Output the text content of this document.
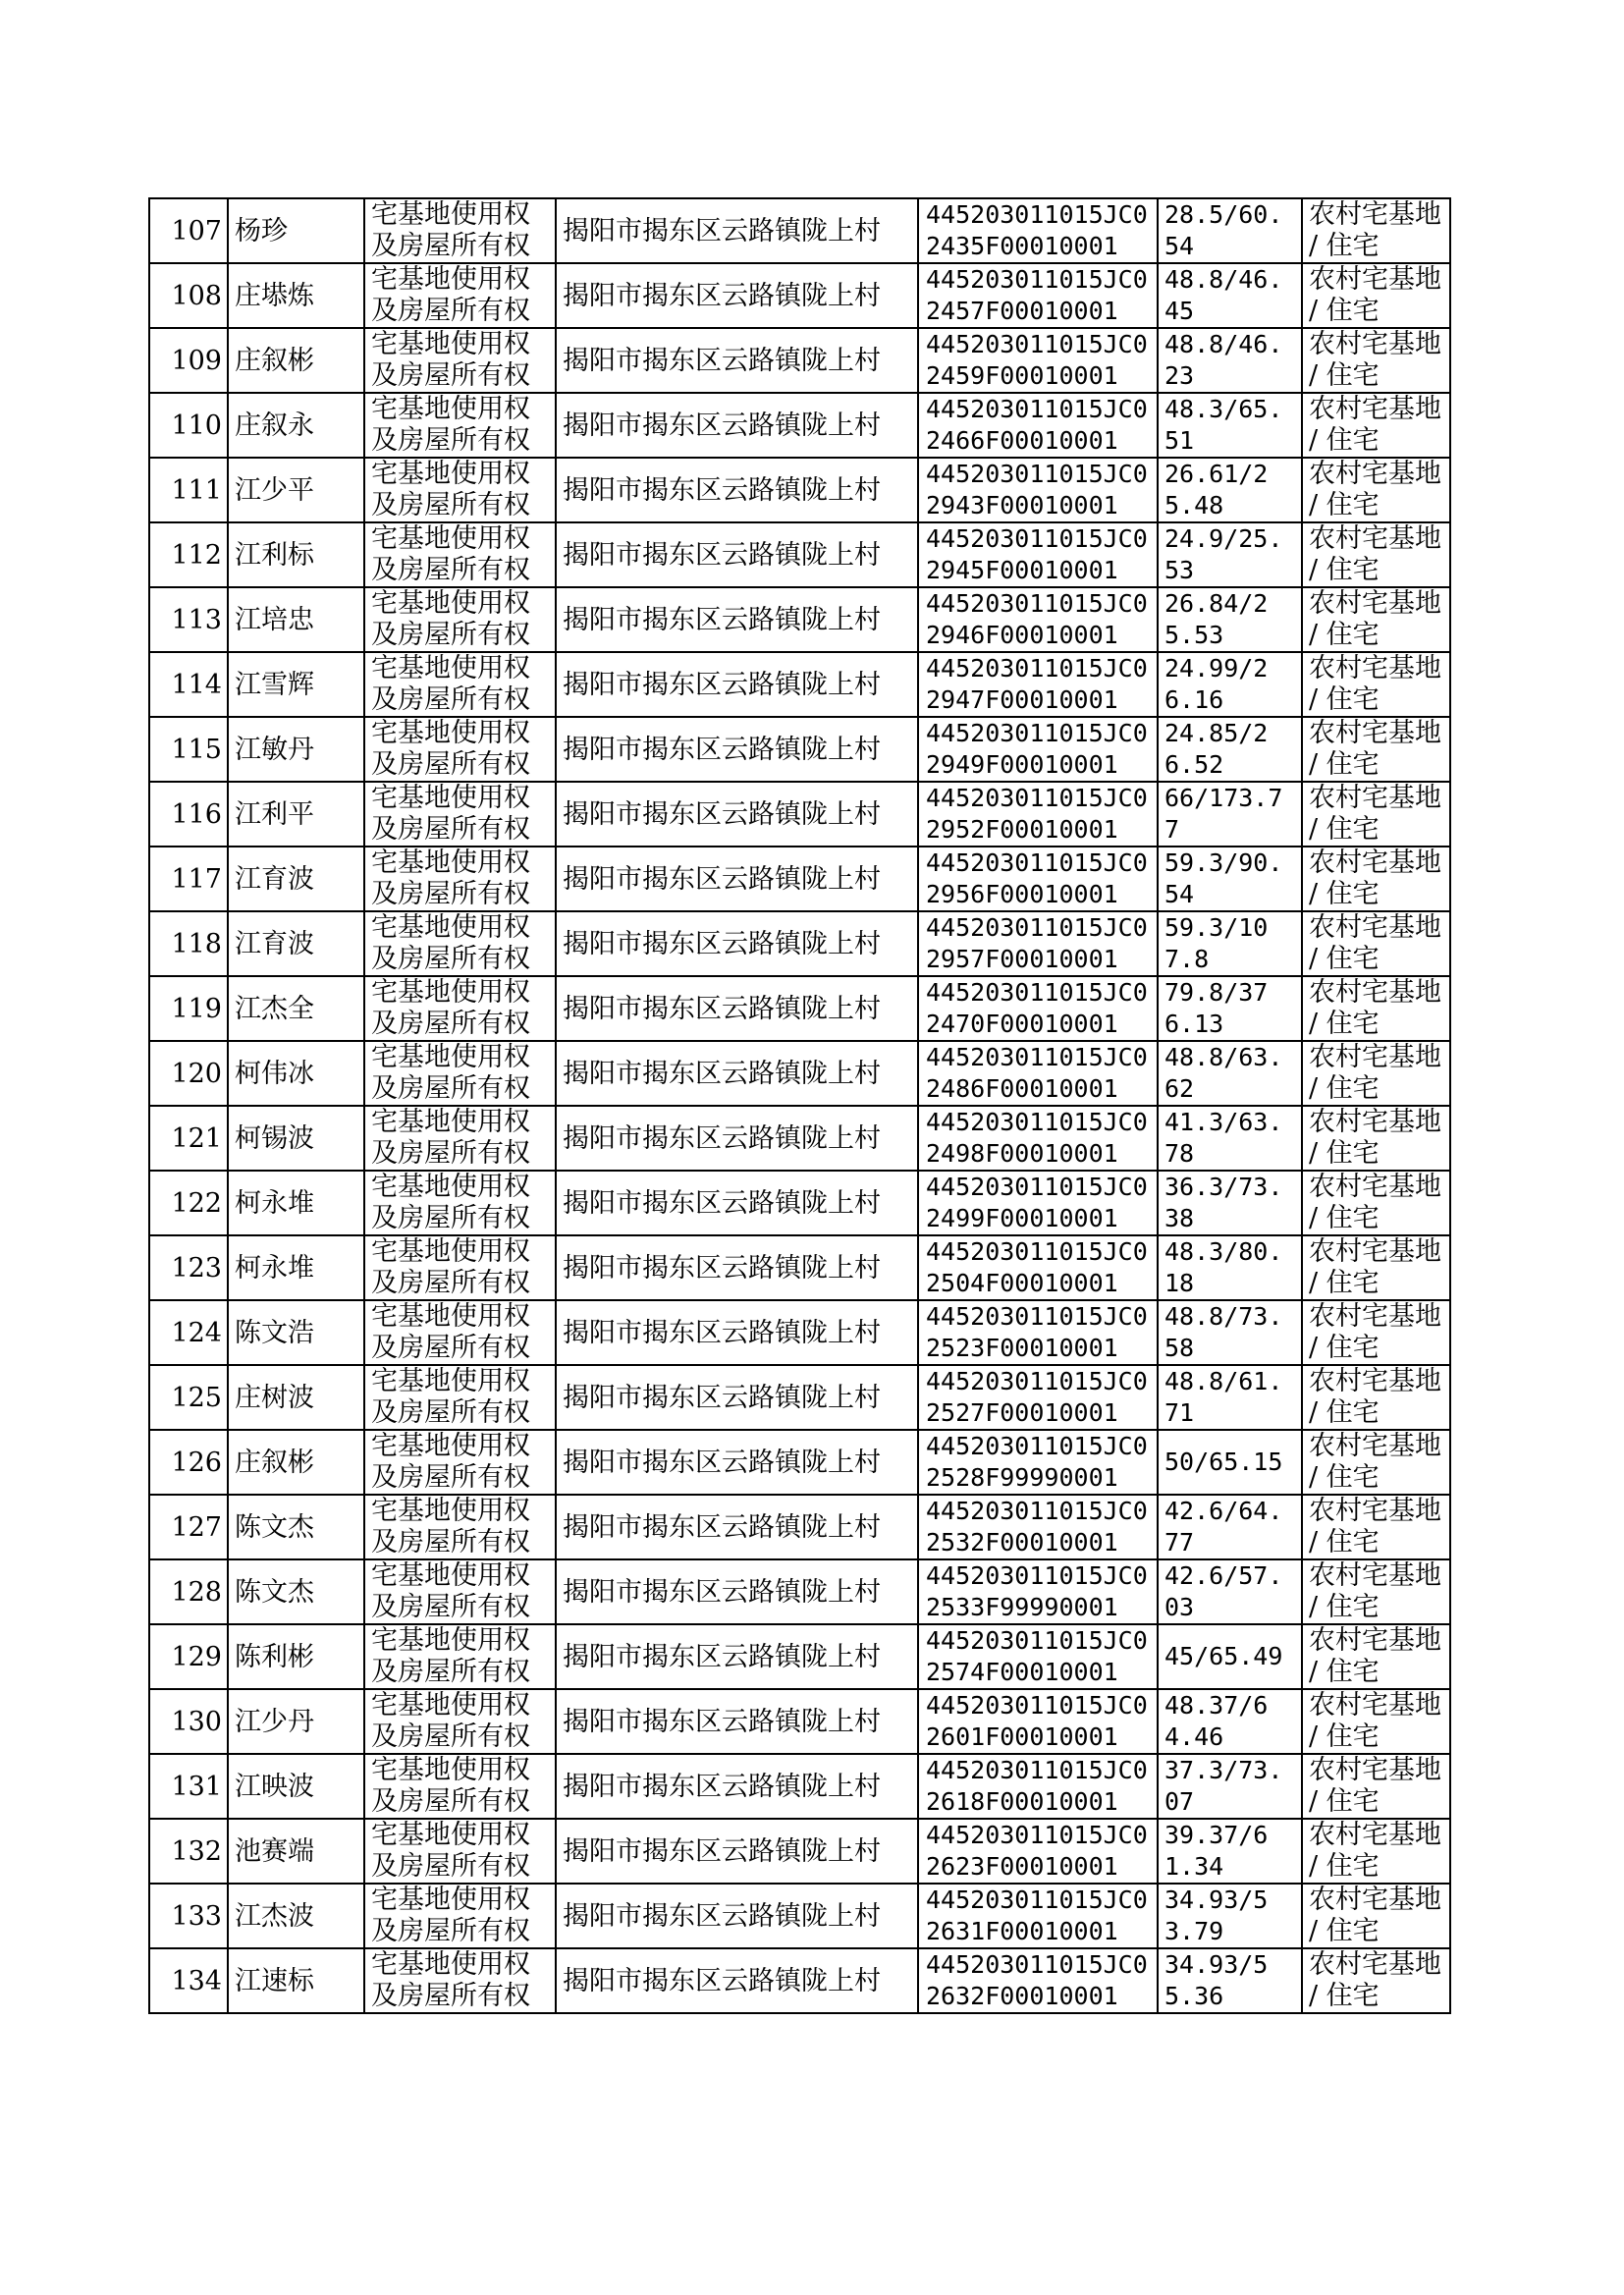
107	杨珍	宅基地使用权及房屋所有权	揭阳市揭东区云路镇陇上村	445203011015JC02435F00010001	28.5/60.54	农村宅基地 / 住宅
108	庄塨炼	宅基地使用权及房屋所有权	揭阳市揭东区云路镇陇上村	445203011015JC02457F00010001	48.8/46.45	农村宅基地 / 住宅
109	庄叙彬	宅基地使用权及房屋所有权	揭阳市揭东区云路镇陇上村	445203011015JC02459F00010001	48.8/46.23	农村宅基地 / 住宅
110	庄叙永	宅基地使用权及房屋所有权	揭阳市揭东区云路镇陇上村	445203011015JC02466F00010001	48.3/65.51	农村宅基地 / 住宅
111	江少平	宅基地使用权及房屋所有权	揭阳市揭东区云路镇陇上村	445203011015JC02943F00010001	26.61/25.48	农村宅基地 / 住宅
112	江利标	宅基地使用权及房屋所有权	揭阳市揭东区云路镇陇上村	445203011015JC02945F00010001	24.9/25.53	农村宅基地 / 住宅
113	江培忠	宅基地使用权及房屋所有权	揭阳市揭东区云路镇陇上村	445203011015JC02946F00010001	26.84/25.53	农村宅基地 / 住宅
114	江雪辉	宅基地使用权及房屋所有权	揭阳市揭东区云路镇陇上村	445203011015JC02947F00010001	24.99/26.16	农村宅基地 / 住宅
115	江敏丹	宅基地使用权及房屋所有权	揭阳市揭东区云路镇陇上村	445203011015JC02949F00010001	24.85/26.52	农村宅基地 / 住宅
116	江利平	宅基地使用权及房屋所有权	揭阳市揭东区云路镇陇上村	445203011015JC02952F00010001	66/173.77	农村宅基地 / 住宅
117	江育波	宅基地使用权及房屋所有权	揭阳市揭东区云路镇陇上村	445203011015JC02956F00010001	59.3/90.54	农村宅基地 / 住宅
118	江育波	宅基地使用权及房屋所有权	揭阳市揭东区云路镇陇上村	445203011015JC02957F00010001	59.3/107.8	农村宅基地 / 住宅
119	江杰全	宅基地使用权及房屋所有权	揭阳市揭东区云路镇陇上村	445203011015JC02470F00010001	79.8/376.13	农村宅基地 / 住宅
120	柯伟冰	宅基地使用权及房屋所有权	揭阳市揭东区云路镇陇上村	445203011015JC02486F00010001	48.8/63.62	农村宅基地 / 住宅
121	柯锡波	宅基地使用权及房屋所有权	揭阳市揭东区云路镇陇上村	445203011015JC02498F00010001	41.3/63.78	农村宅基地 / 住宅
122	柯永堆	宅基地使用权及房屋所有权	揭阳市揭东区云路镇陇上村	445203011015JC02499F00010001	36.3/73.38	农村宅基地 / 住宅
123	柯永堆	宅基地使用权及房屋所有权	揭阳市揭东区云路镇陇上村	445203011015JC02504F00010001	48.3/80.18	农村宅基地 / 住宅
124	陈文浩	宅基地使用权及房屋所有权	揭阳市揭东区云路镇陇上村	445203011015JC02523F00010001	48.8/73.58	农村宅基地 / 住宅
125	庄树波	宅基地使用权及房屋所有权	揭阳市揭东区云路镇陇上村	445203011015JC02527F00010001	48.8/61.71	农村宅基地 / 住宅
126	庄叙彬	宅基地使用权及房屋所有权	揭阳市揭东区云路镇陇上村	445203011015JC02528F99990001	50/65.15	农村宅基地 / 住宅
127	陈文杰	宅基地使用权及房屋所有权	揭阳市揭东区云路镇陇上村	445203011015JC02532F00010001	42.6/64.77	农村宅基地 / 住宅
128	陈文杰	宅基地使用权及房屋所有权	揭阳市揭东区云路镇陇上村	445203011015JC02533F99990001	42.6/57.03	农村宅基地 / 住宅
129	陈利彬	宅基地使用权及房屋所有权	揭阳市揭东区云路镇陇上村	445203011015JC02574F00010001	45/65.49	农村宅基地 / 住宅
130	江少丹	宅基地使用权及房屋所有权	揭阳市揭东区云路镇陇上村	445203011015JC02601F00010001	48.37/64.46	农村宅基地 / 住宅
131	江映波	宅基地使用权及房屋所有权	揭阳市揭东区云路镇陇上村	445203011015JC02618F00010001	37.3/73.07	农村宅基地 / 住宅
132	池赛端	宅基地使用权及房屋所有权	揭阳市揭东区云路镇陇上村	445203011015JC02623F00010001	39.37/61.34	农村宅基地 / 住宅
133	江杰波	宅基地使用权及房屋所有权	揭阳市揭东区云路镇陇上村	445203011015JC02631F00010001	34.93/53.79	农村宅基地 / 住宅
134	江速标	宅基地使用权及房屋所有权	揭阳市揭东区云路镇陇上村	445203011015JC02632F00010001	34.93/55.36	农村宅基地 / 住宅
